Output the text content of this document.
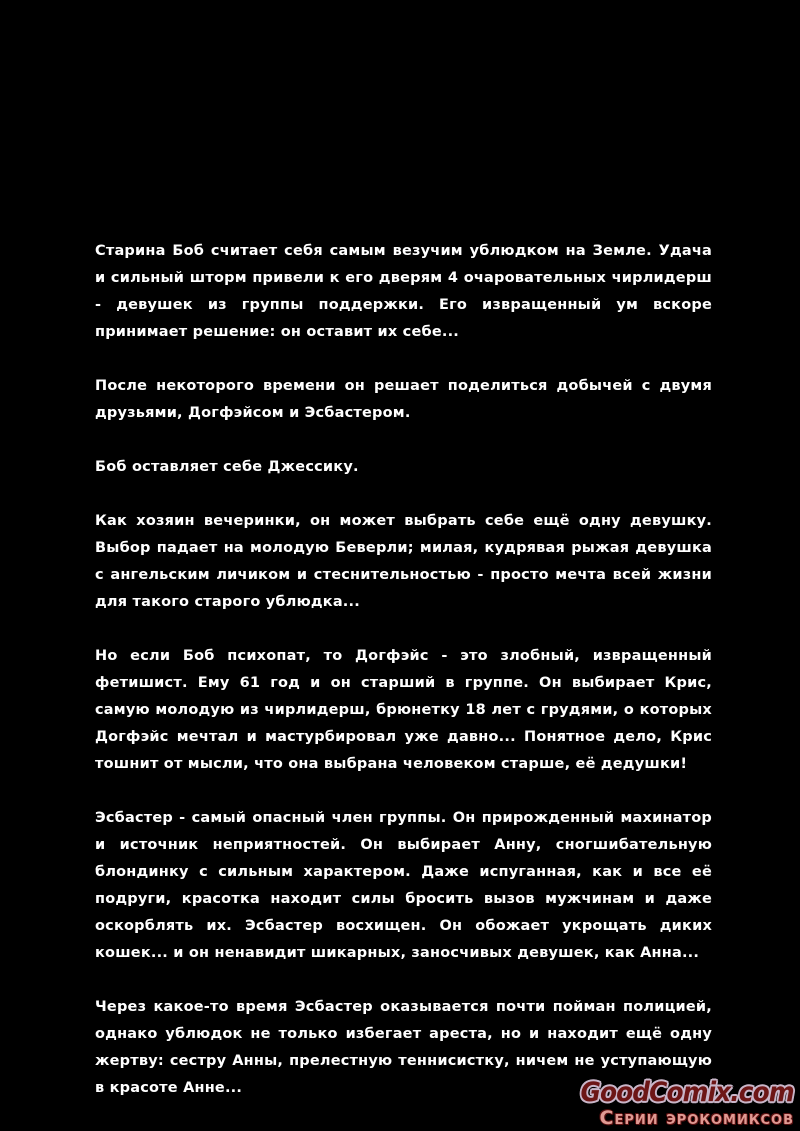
Старина Боб считает себя самым везучим ублюдком на Земле. Удача и сильный шторм привели к его дверям 4 очаровательных чирлидерш - девушек из группы поддержки. Его извращенный ум вскоре принимает решение: он оставит их себе...

После некоторого времени он решает поделиться добычей с двумя друзьями, Догфэйсом и Эсбастером.

Боб оставляет себе Джессику.

Как хозяин вечеринки, он может выбрать себе ещё одну девушку. Выбор падает на молодую Беверли; милая, кудрявая рыжая девушка с ангельским личиком и стеснительностью - просто мечта всей жизни для такого старого ублюдка...

Но если Боб психопат, то Догфэйс - это злобный, извращенный фетишист. Ему 61 год и он старший в группе. Он выбирает Крис, самую молодую из чирлидерш, брюнетку 18 лет с грудями, о которых Догфэйс мечтал и мастурбировал уже давно... Понятное дело, Крис тошнит от мысли, что она выбрана человеком старше, её дедушки!

Эсбастер - самый опасный член группы. Он прирожденный махинатор и источник неприятностей. Он выбирает Анну, сногшибательную блондинку с сильным характером. Даже испуганная, как и все её подруги, красотка находит силы бросить вызов мужчинам и даже оскорблять их. Эсбастер восхищен. Он обожает укрощать диких кошек... и он ненавидит шикарных, заносчивых девушек, как Анна...

Через какое-то время Эсбастер оказывается почти пойман полицией, однако ублюдок не только избегает ареста, но и находит ещё одну жертву: сестру Анны, прелестную теннисистку, ничем не уступающую в красоте Анне...	GoodComix.com
Серии эрокомиксов
